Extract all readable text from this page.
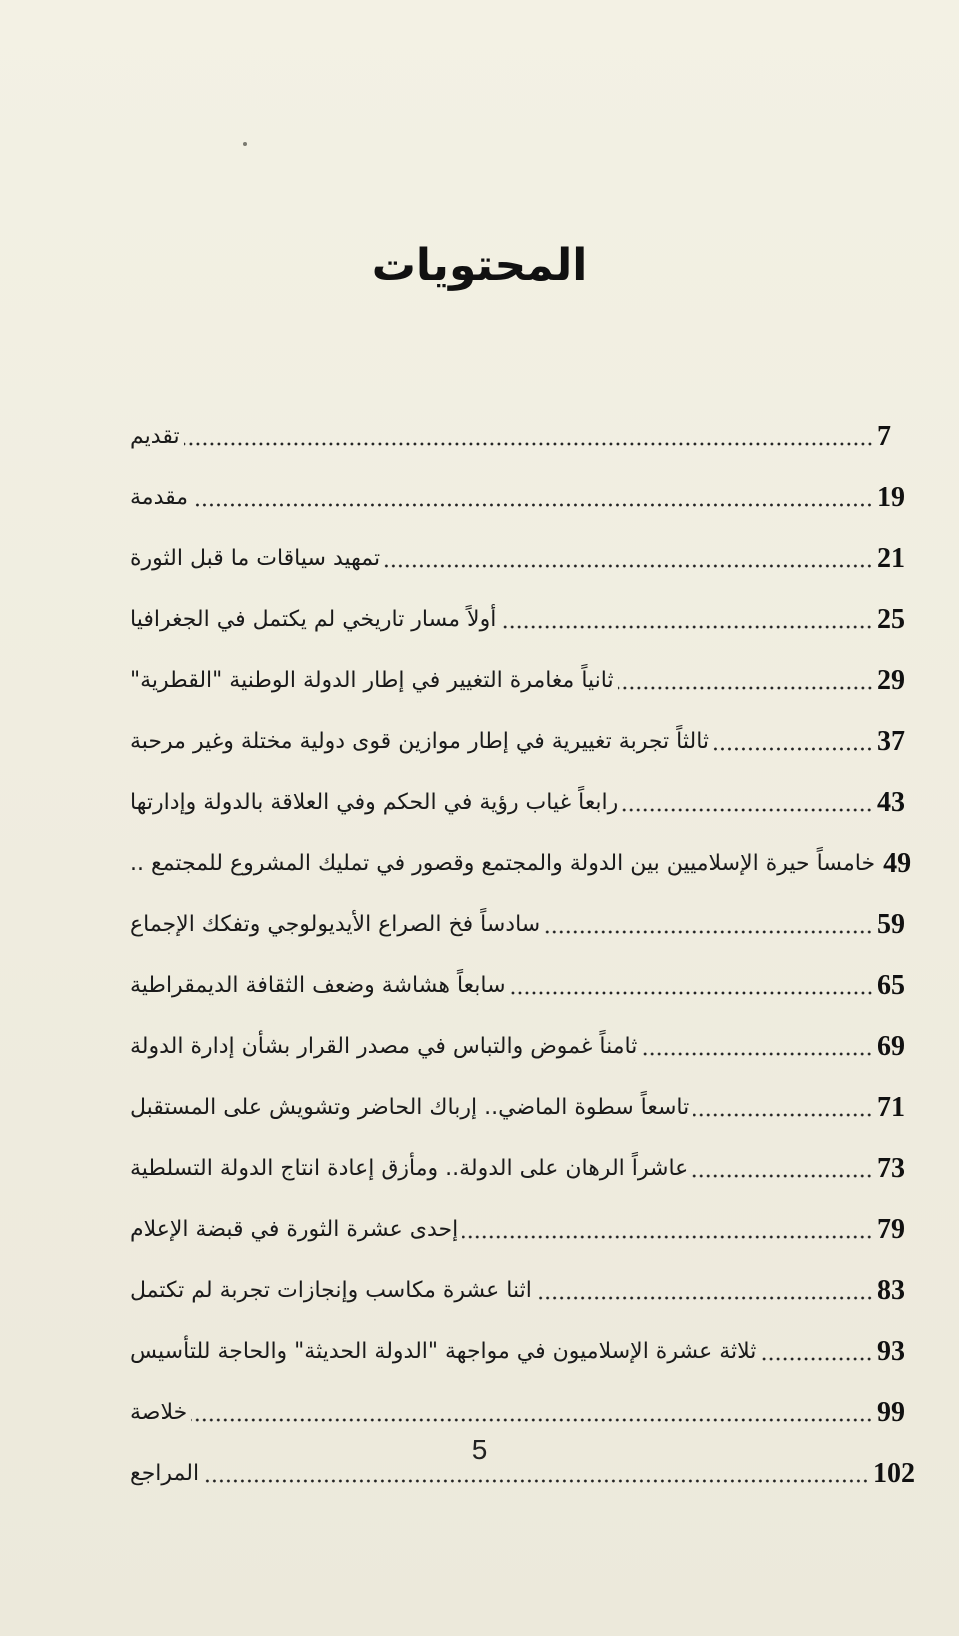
المحتويات
تقديم	7
مقدمة	19
تمهيد سياقات ما قبل الثورة	21
أولاً مسار تاريخي لم يكتمل في الجغرافيا	25
ثانياً مغامرة التغيير في إطار الدولة الوطنية "القطرية"	29
ثالثاً تجربة تغييرية في إطار موازين قوى دولية مختلة وغير مرحبة	37
رابعاً غياب رؤية في الحكم وفي العلاقة بالدولة وإدارتها	43
خامساً حيرة الإسلاميين بين الدولة والمجتمع وقصور في تمليك المشروع للمجتمع .. 49
سادساً فخ الصراع الأيديولوجي وتفكك الإجماع	59
سابعاً هشاشة وضعف الثقافة الديمقراطية	65
ثامناً غموض والتباس في مصدر القرار بشأن إدارة الدولة	69
تاسعاً سطوة الماضي.. إرباك الحاضر وتشويش على المستقبل	71
عاشراً الرهان على الدولة.. ومأزق إعادة انتاج الدولة التسلطية	73
إحدى عشرة الثورة في قبضة الإعلام	79
اثنا عشرة مكاسب وإنجازات تجربة لم تكتمل	83
ثلاثة عشرة الإسلاميون في مواجهة "الدولة الحديثة" والحاجة للتأسيس	93
خلاصة	99
المراجع	102
5
